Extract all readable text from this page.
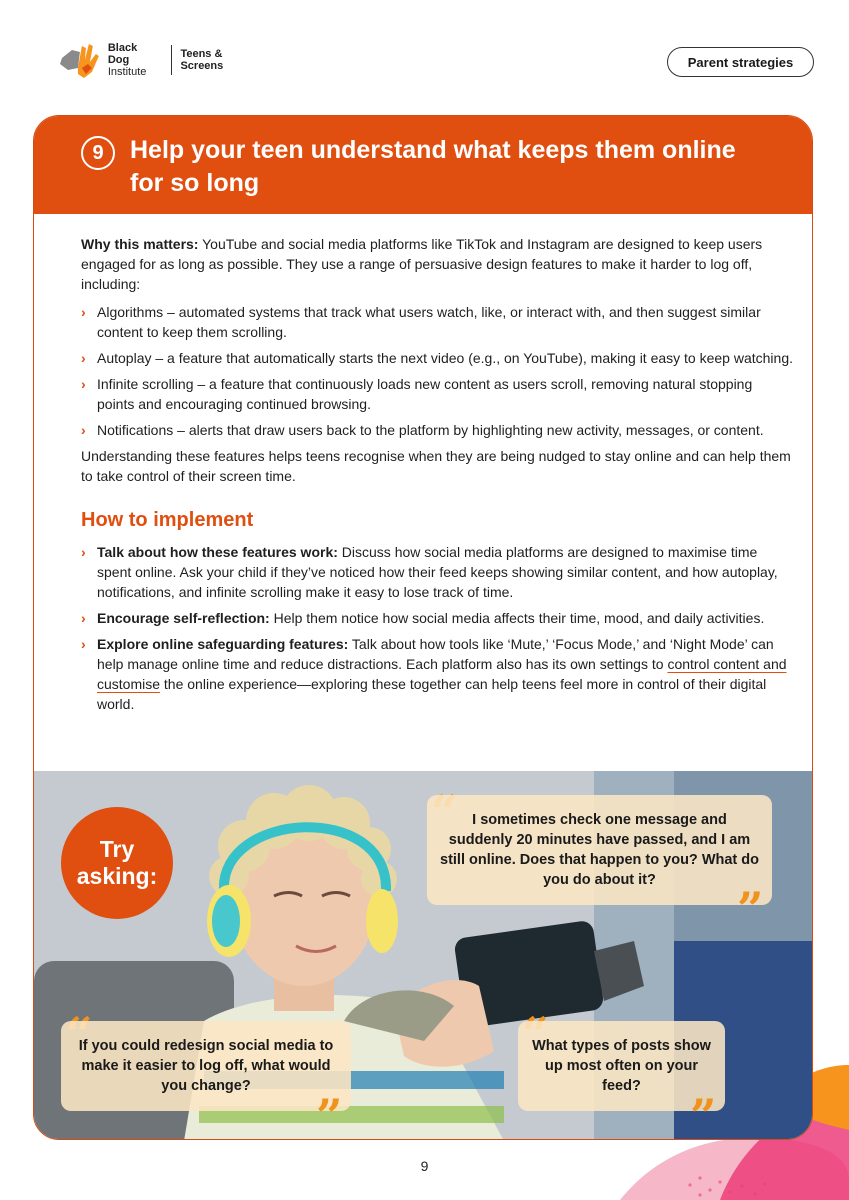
Black Dog
Institute
Teens & Screens	Parent strategies
9	Help your teen understand what keeps them online for so long

Why this matters: YouTube and social media platforms like TikTok and Instagram are designed to keep users engaged for as long as possible. They use a range of persuasive design features to make it harder to log off, including:

› Algorithms – automated systems that track what users watch, like, or interact with, and then suggest similar content to keep them scrolling.
› Autoplay – a feature that automatically starts the next video (e.g., on YouTube), making it easy to keep watching.
› Infinite scrolling – a feature that continuously loads new content as users scroll, removing natural stopping points and encouraging continued browsing.
› Notifications – alerts that draw users back to the platform by highlighting new activity, messages, or content.

Understanding these features helps teens recognise when they are being nudged to stay online and can help them to take control of their screen time.

How to implement
› Talk about how these features work: Discuss how social media platforms are designed to maximise time spent online. Ask your child if they’ve noticed how their feed keeps showing similar content, and how autoplay, notifications, and infinite scrolling make it easy to lose track of time.
› Encourage self-reflection: Help them notice how social media affects their time, mood, and daily activities.
› Explore online safeguarding features: Talk about how tools like ‘Mute,’ ‘Focus Mode,’ and ‘Night Mode’ can help manage online time and reduce distractions. Each platform also has its own settings to control content and customise the online experience—exploring these together can help teens feel more in control of their digital world.
Try asking:
I sometimes check one message and suddenly 20 minutes have passed, and I am still online. Does that happen to you? What do you do about it?
”
If you could redesign social media to make it easier to log off, what would you change?
”
What types of posts show up most often on your feed?
”
9
